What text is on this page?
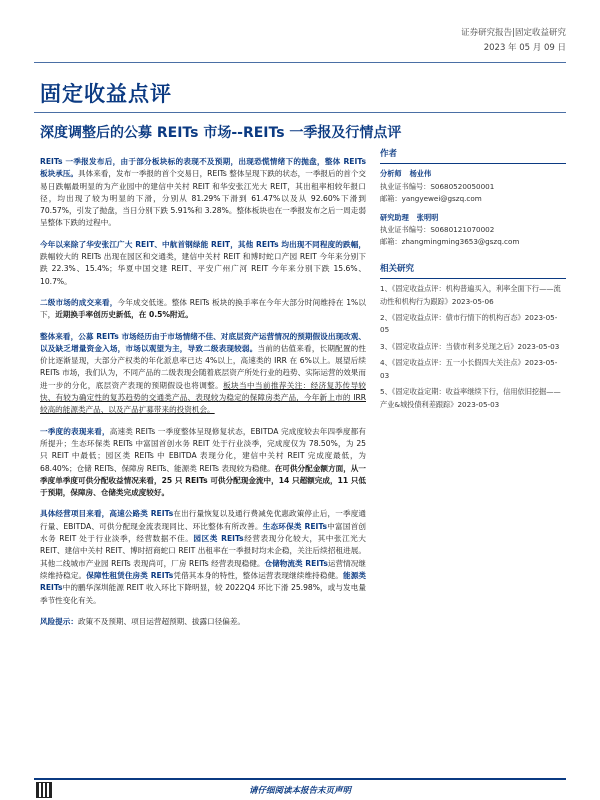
证券研究报告|固定收益研究
2023 年 05 月 09 日
固定收益点评
深度调整后的公募 REITs 市场--REITs 一季报及行情点评

REITs 一季报发布后，由于部分板块标的表现不及预期，出现恐慌情绪下的抛盘，整体 REITs 板块承压。具体来看，发布一季报的首个交易日，REITs 整体呈现下跌的状态，一季报后的首个交易日跌幅最明显的为产业园中的建信中关村 REIT 和华安张江光大 REIT，其出租率相较年报口径，均出现了较为明显的下滑，分别从 81.29%下滑到 61.47%以及从 92.60%下滑到 70.57%，引发了抛盘，当日分别下跌 5.91%和 3.28%。整体板块也在一季报发布之后一周走弱呈整体下跌的过程中。

今年以来除了华安张江广大 REIT、中航首钢绿能 REIT，其他 REITs 均出现不同程度的跌幅，跌幅较大的 REITs 出现在园区和交通类，建信中关村 REIT 和博时蛇口产园 REIT 今年来分别下跌 22.3%、15.4%；华夏中国交建 REIT、平安广州广河 REIT 今年来分别下跌 15.6%、10.7%。

二级市场的成交来看，今年成交低迷。整体 REITs 板块的换手率在今年大部分时间维持在 1%以下，近期换手率创历史新低，在 0.5%附近。

整体来看，公募 REITs 市场经历由于市场情绪不佳、对底层资产运营情况的预期假设出现改观、以及缺乏增量资金入场，市场以观望为主，导致二级表现较弱。当前的估值来看，长期配置的性价比逐渐显现，大部分产权类的年化派息率已达 4%以上，高速类的 IRR 在 6%以上。展望后续 REITs 市场，我们认为，不同产品的二级表现会随着底层资产所处行业的趋势、实际运营的效果而进一步的分化，底层资产表现的预期假设也将调整。板块当中当前推荐关注：经济复苏传导较快、有较为确定性的复苏趋势的交通类产品、表现较为稳定的保障房类产品，今年新上市的 IRR 较高的能源类产品、以及产品扩募带来的投资机会。

一季度的表现来看，高速类 REITs 一季度整体呈现修复状态，EBITDA 完成度较去年四季度都有所提升；生态环保类 REITs 中富国首创水务 REIT 处于行业淡季，完成度仅为 78.50%，为 25 只 REIT 中最低；园区类 REITs 中 EBITDA 表现分化，建信中关村 REIT 完成度最低，为 68.40%；仓储 REITs、保障房 REITs、能源类 REITs 表现较为稳健。在可供分配金额方面，从一季度单季度可供分配收益情况来看，25 只 REITs 可供分配现金流中，14 只超额完成，11 只低于预期，保障房、仓储类完成度较好。

具体经营项目来看，高速公路类 REITs在出行量恢复以及通行费减免优惠政策停止后，一季度通行量、EBITDA、可供分配现金流表现同比、环比整体有所改善。生态环保类 REITs中富国首创水务 REIT 处于行业淡季，经营数据不佳。园区类 REITs经营表现分化较大，其中张江光大 REIT、建信中关村 REIT、博时招商蛇口 REIT 出租率在一季报时均未企稳，关注后续招租进展。其他二线城市产业园 REITs 表现尚可，厂房 REITs 经营表现稳健。仓储物流类 REITs运营情况继续维持稳定。保障性租赁住房类 REITs凭借其本身的特性，整体运营表现继续维持稳健。能源类 REITs中的鹏华深圳能源 REIT 收入环比下降明显，较 2022Q4 环比下滑 25.98%，或与发电量季节性变化有关。

风险提示：政策不及预期、项目运营超预期、拔露口径偏差。

作者
分析师 杨业伟
执业证书编号：S0680520050001
邮箱：yangyewei@gszq.com
研究助理 张明明
执业证书编号：S0680121070002
邮箱：zhangmingming3653@gszq.com
相关研究
1、《固定收益点评：机构普遍买入，利率全面下行——流动性和机构行为跟踪》2023-05-06
2、《固定收益点评：债市行情下的机构百态》2023-05-05
3、《固定收益点评：当债市利多兑现之后》2023-05-03
4、《固定收益点评：五一小长假四大关注点》2023-05-03
5、《固定收益定期：收益率继续下行，信用依旧挖掘——产业&城投债利差跟踪》2023-05-03
请仔细阅读本报告末页声明
